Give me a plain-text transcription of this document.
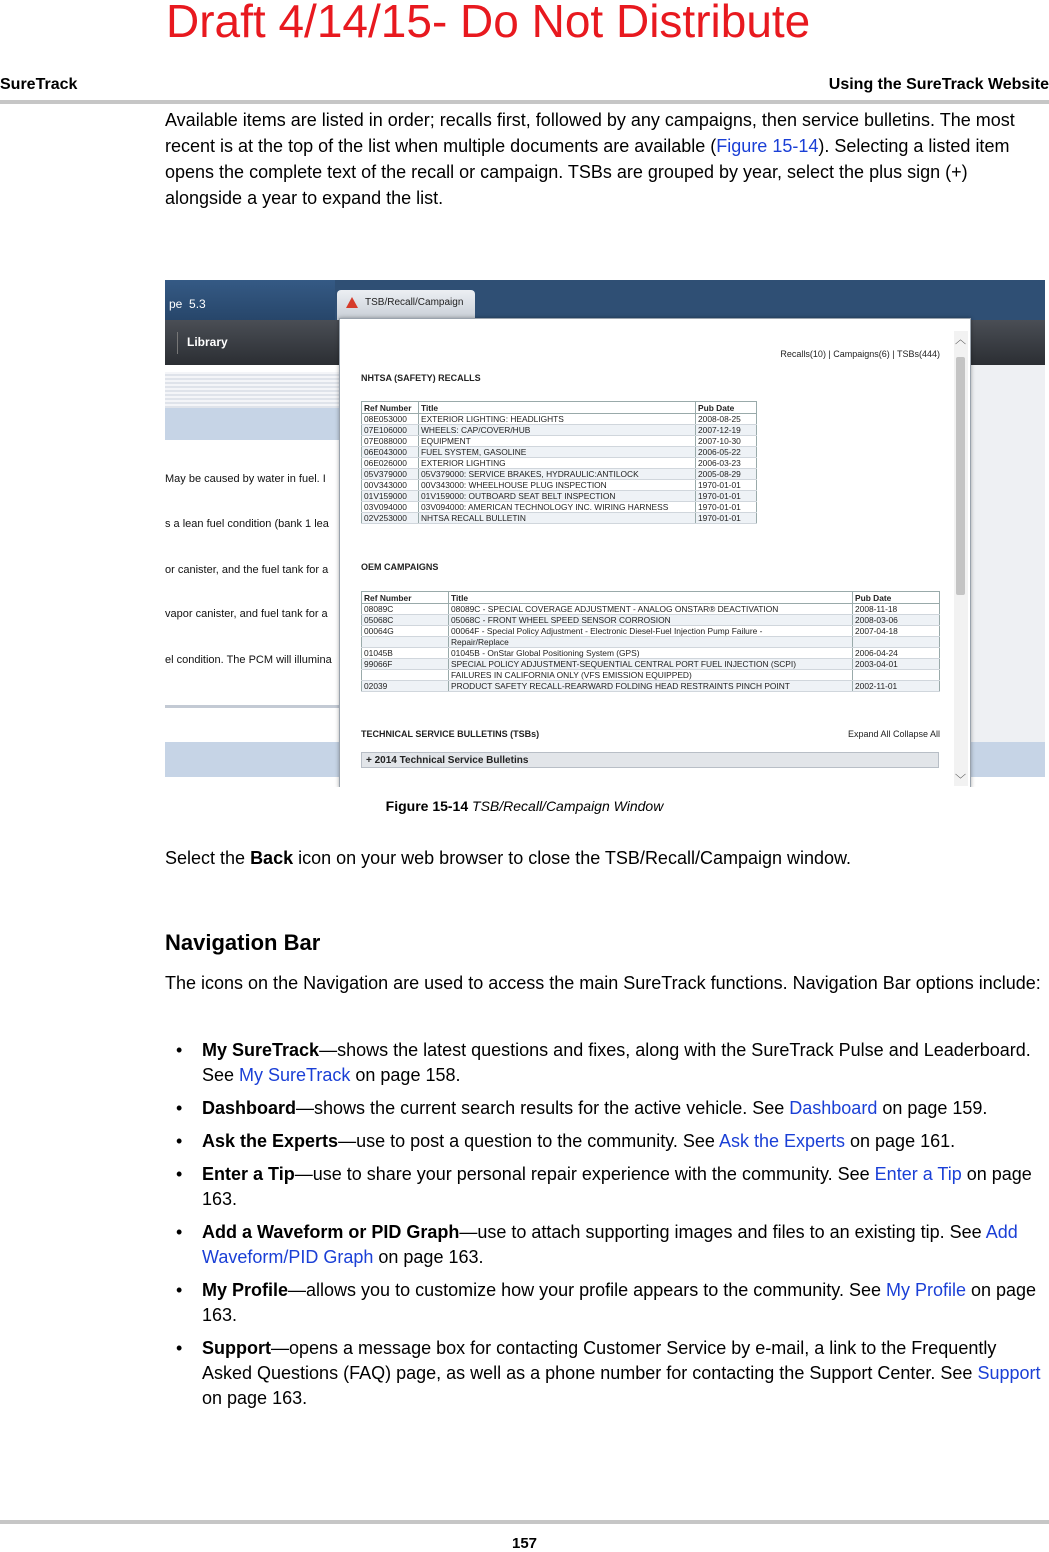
Draft 4/14/15- Do Not Distribute
SureTrack	Using the SureTrack Website

Available items are listed in order; recalls first, followed by any campaigns, then service bulletins. The most recent is at the top of the list when multiple documents are available (Figure 15-14). Selecting a listed item opens the complete text of the recall or campaign. TSBs are grouped by year, select the plus sign (+) alongside a year to expand the list.

pe  5.3	TSB/Recall/Campaign
Library
May be caused by water in fuel. I
s a lean fuel condition (bank 1 lea
or canister, and the fuel tank for a
vapor canister, and fuel tank for a
el condition. The PCM will illumina
Recalls(10) | Campaigns(6) | TSBs(444)
NHTSA (SAFETY) RECALLS
Ref Number	Title	Pub Date
08E053000	EXTERIOR LIGHTING: HEADLIGHTS	2008-08-25
07E106000	WHEELS: CAP/COVER/HUB	2007-12-19
07E088000	EQUIPMENT	2007-10-30
06E043000	FUEL SYSTEM, GASOLINE	2006-05-22
06E026000	EXTERIOR LIGHTING	2006-03-23
05V379000	05V379000: SERVICE BRAKES, HYDRAULIC:ANTILOCK	2005-08-29
00V343000	00V343000: WHEELHOUSE PLUG INSPECTION	1970-01-01
01V159000	01V159000: OUTBOARD SEAT BELT INSPECTION	1970-01-01
03V094000	03V094000: AMERICAN TECHNOLOGY INC. WIRING HARNESS	1970-01-01
02V253000	NHTSA RECALL BULLETIN	1970-01-01
OEM CAMPAIGNS
Ref Number	Title	Pub Date
08089C	08089C - SPECIAL COVERAGE ADJUSTMENT - ANALOG ONSTAR® DEACTIVATION	2008-11-18
05068C	05068C - FRONT WHEEL SPEED SENSOR CORROSION	2008-03-06
00064G	00064F - Special Policy Adjustment - Electronic Diesel-Fuel Injection Pump Failure -	2007-04-18
	Repair/Replace	
01045B	01045B - OnStar Global Positioning System (GPS)	2006-04-24
99066F	SPECIAL POLICY ADJUSTMENT-SEQUENTIAL CENTRAL PORT FUEL INJECTION (SCPI)	2003-04-01
	FAILURES IN CALIFORNIA ONLY (VFS EMISSION EQUIPPED)	
02039	PRODUCT SAFETY RECALL-REARWARD FOLDING HEAD RESTRAINTS PINCH POINT	2002-11-01
TECHNICAL SERVICE BULLETINS (TSBs)	Expand All Collapse All
+ 2014 Technical Service Bulletins
︿
﹀
Figure 15-14 TSB/Recall/Campaign Window

Select the Back icon on your web browser to close the TSB/Recall/Campaign window.

Navigation Bar

The icons on the Navigation are used to access the main SureTrack functions. Navigation Bar options include:

• My SureTrack—shows the latest questions and fixes, along with the SureTrack Pulse and Leaderboard. See My SureTrack on page 158.
• Dashboard—shows the current search results for the active vehicle. See Dashboard on page 159.
• Ask the Experts—use to post a question to the community. See Ask the Experts on page 161.
• Enter a Tip—use to share your personal repair experience with the community. See Enter a Tip on page 163.
• Add a Waveform or PID Graph—use to attach supporting images and files to an existing tip. See Add Waveform/PID Graph on page 163.
• My Profile—allows you to customize how your profile appears to the community. See My Profile on page 163.
• Support—opens a message box for contacting Customer Service by e-mail, a link to the Frequently Asked Questions (FAQ) page, as well as a phone number for contacting the Support Center. See Support on page 163.
157
